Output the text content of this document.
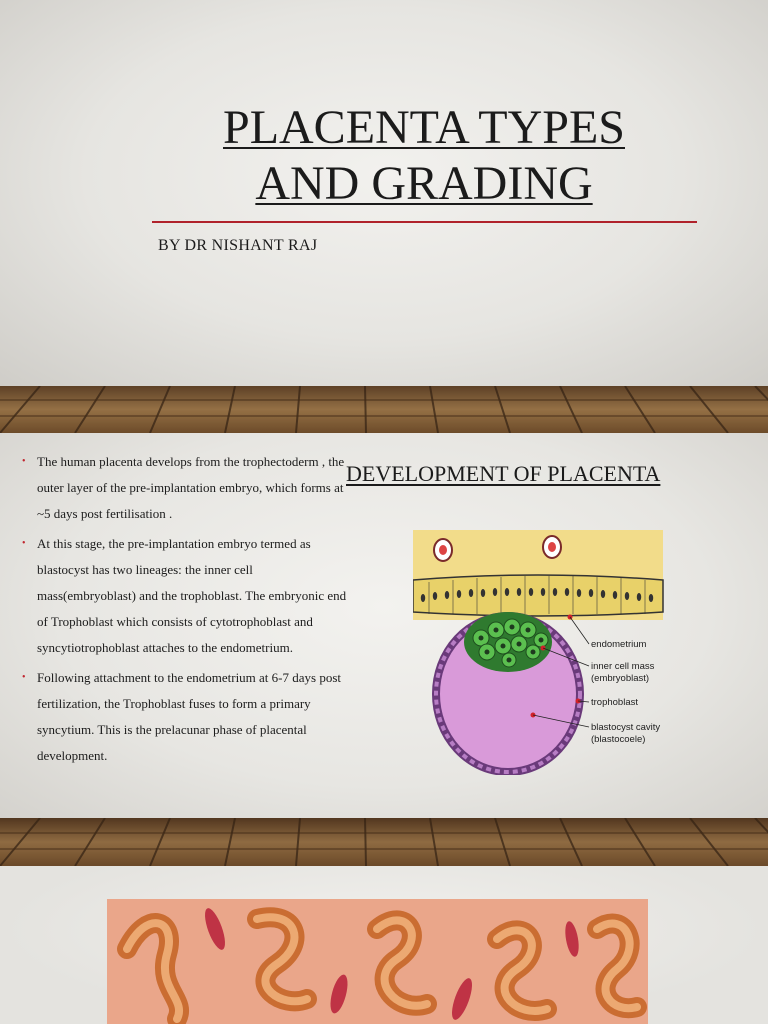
PLACENTA TYPES
AND GRADING
BY DR NISHANT RAJ
• The human placenta develops from the trophectoderm , the outer layer of the pre-implantation embryo, which forms at ~5 days post fertilisation .
• At this stage, the pre-implantation embryo termed as blastocyst has two lineages: the inner cell mass(embryoblast) and the trophoblast. The embryonic end of Trophoblast which consists of cytotrophoblast and syncytiotrophoblast attaches to the endometrium.
• Following attachment to the endometrium at 6-7 days post fertilization, the Trophoblast fuses to form a primary syncytium. This is the prelacunar phase of placental development.
DEVELOPMENT OF PLACENTA
endometrium
inner cell mass
(embryoblast)
trophoblast
blastocyst cavity
(blastocoele)
